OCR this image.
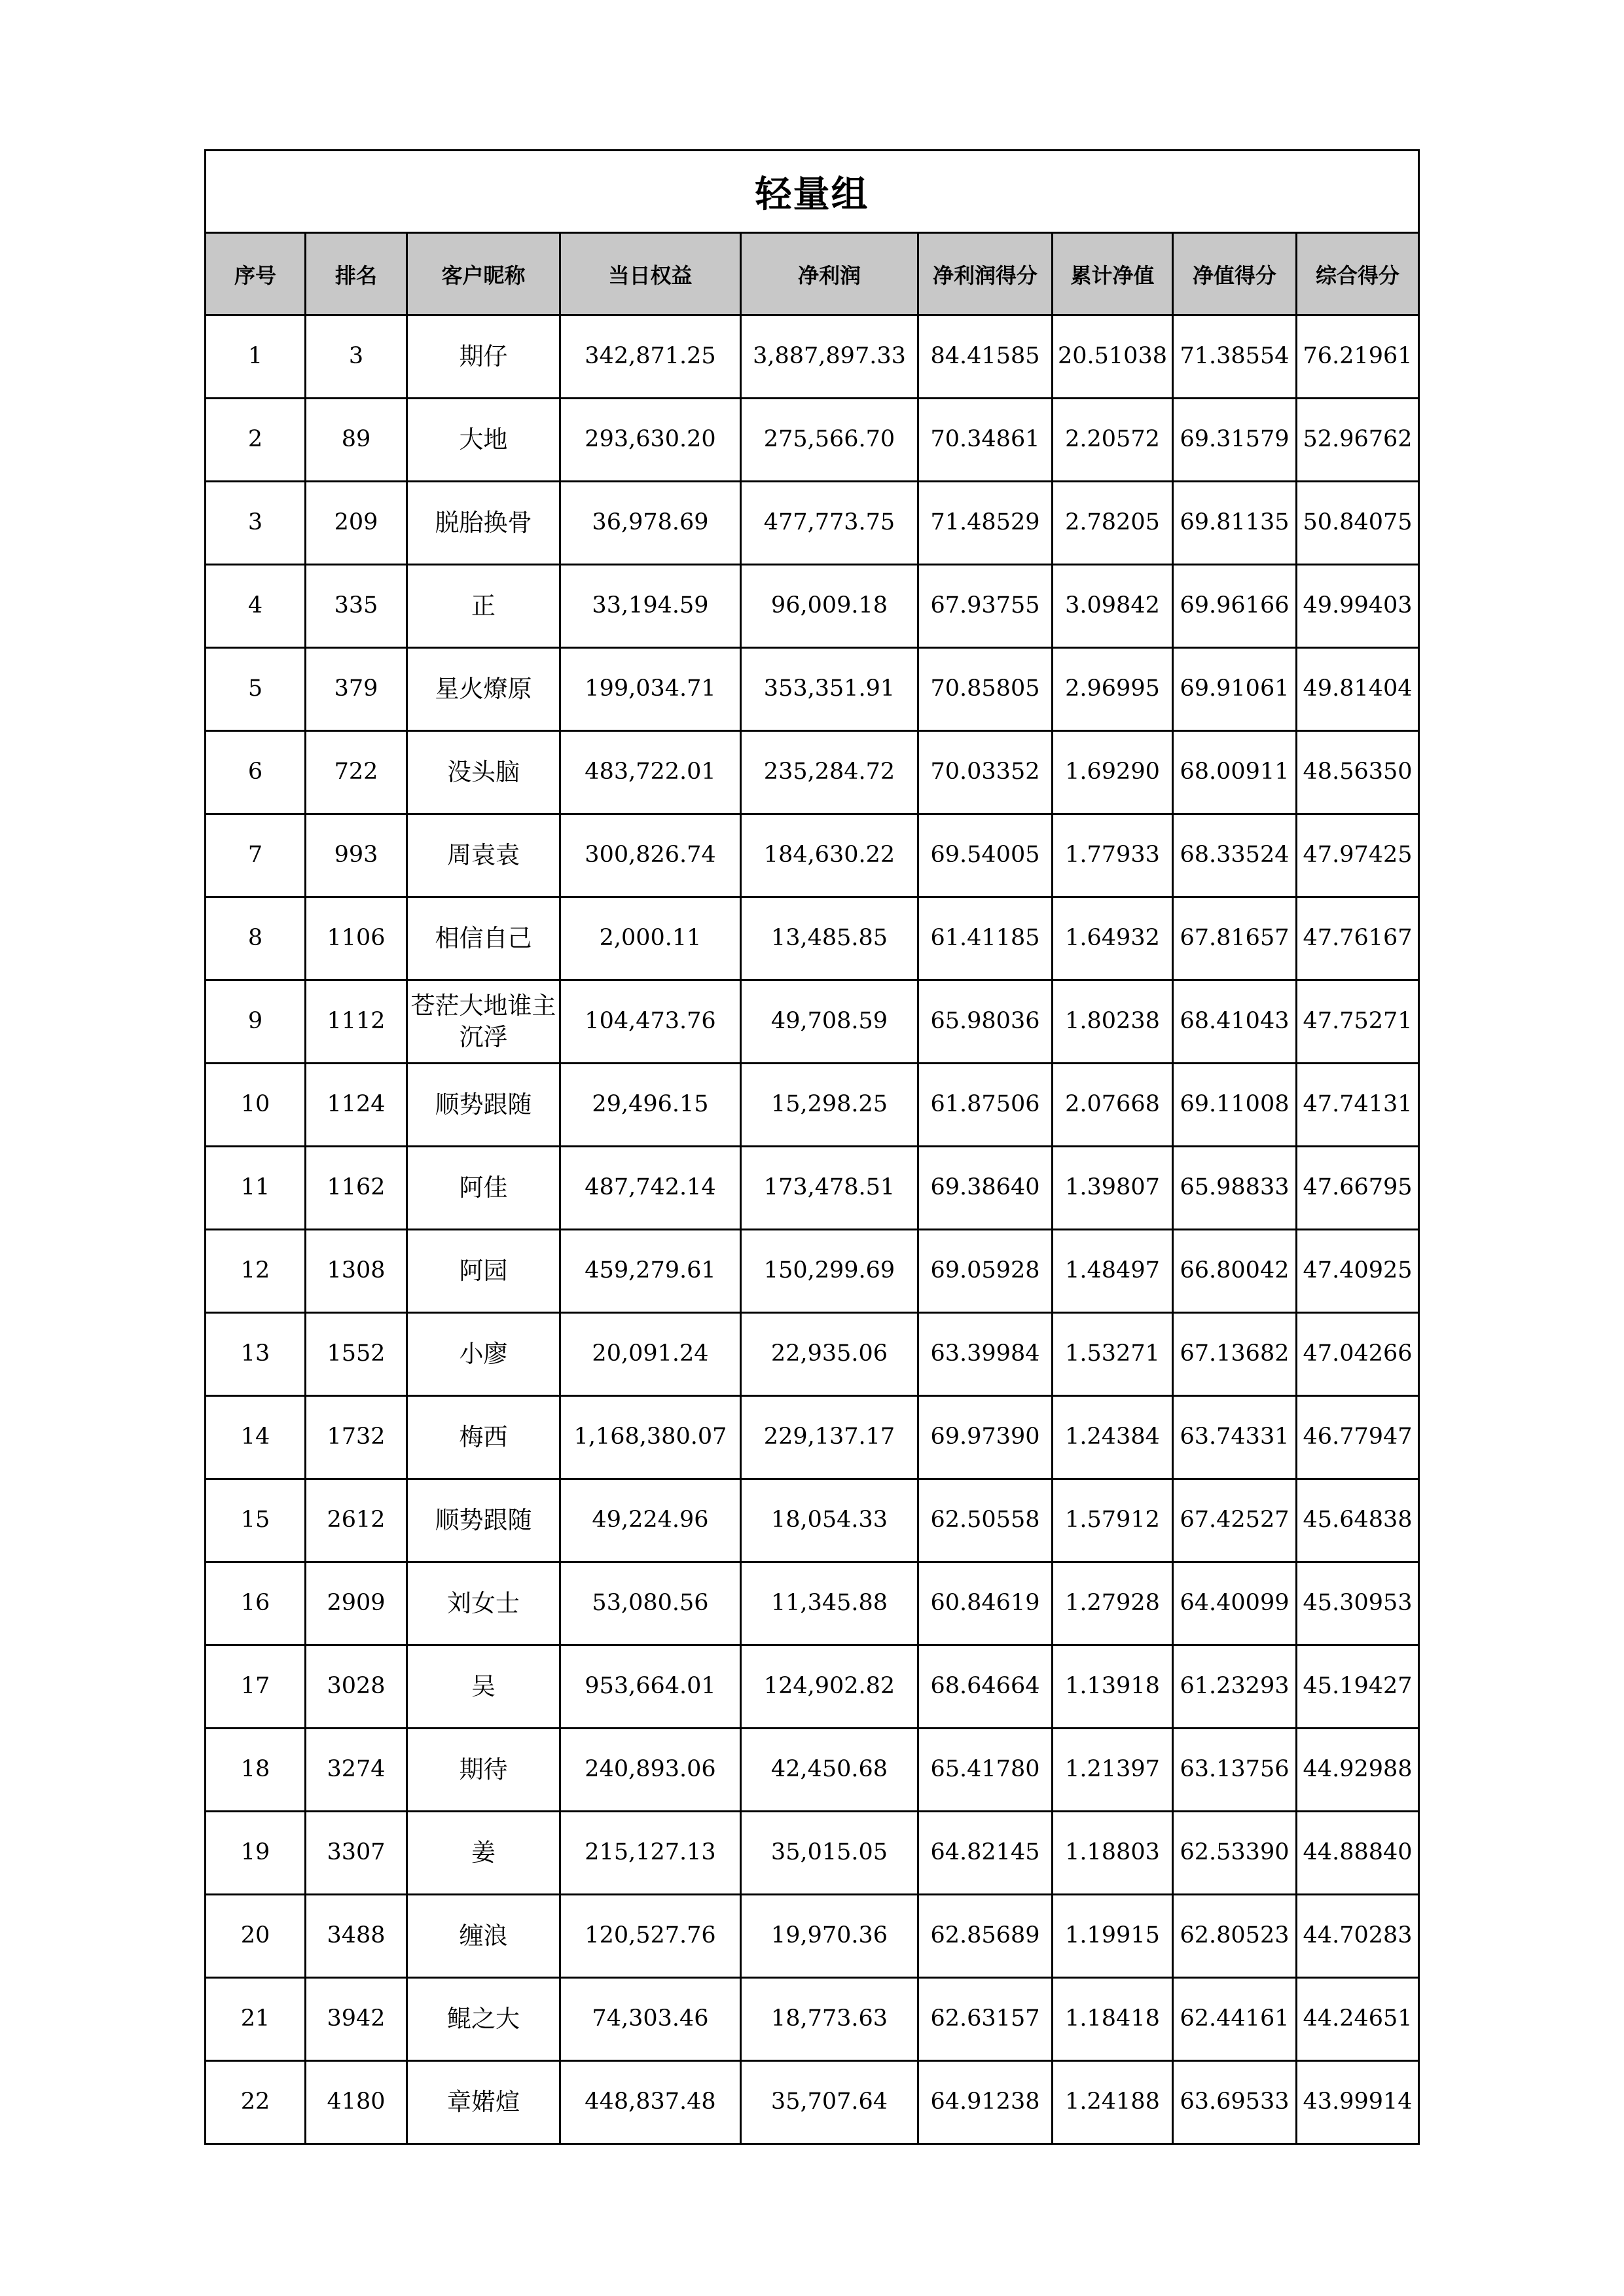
轻量组								
序号	排名	客户昵称	当日权益	净利润	净利润得分	累计净值	净值得分	综合得分
1	3	期仔	342,871.25	3,887,897.33	84.41585	20.51038	71.38554	76.21961
2	89	大地	293,630.20	275,566.70	70.34861	2.20572	69.31579	52.96762
3	209	脱胎换骨	36,978.69	477,773.75	71.48529	2.78205	69.81135	50.84075
4	335	正	33,194.59	96,009.18	67.93755	3.09842	69.96166	49.99403
5	379	星火燎原	199,034.71	353,351.91	70.85805	2.96995	69.91061	49.81404
6	722	没头脑	483,722.01	235,284.72	70.03352	1.69290	68.00911	48.56350
7	993	周袁袁	300,826.74	184,630.22	69.54005	1.77933	68.33524	47.97425
8	1106	相信自己	2,000.11	13,485.85	61.41185	1.64932	67.81657	47.76167
9	1112	苍茫大地谁主沉浮	104,473.76	49,708.59	65.98036	1.80238	68.41043	47.75271
10	1124	顺势跟随	29,496.15	15,298.25	61.87506	2.07668	69.11008	47.74131
11	1162	阿佳	487,742.14	173,478.51	69.38640	1.39807	65.98833	47.66795
12	1308	阿园	459,279.61	150,299.69	69.05928	1.48497	66.80042	47.40925
13	1552	小廖	20,091.24	22,935.06	63.39984	1.53271	67.13682	47.04266
14	1732	梅西	1,168,380.07	229,137.17	69.97390	1.24384	63.74331	46.77947
15	2612	顺势跟随	49,224.96	18,054.33	62.50558	1.57912	67.42527	45.64838
16	2909	刘女士	53,080.56	11,345.88	60.84619	1.27928	64.40099	45.30953
17	3028	吴	953,664.01	124,902.82	68.64664	1.13918	61.23293	45.19427
18	3274	期待	240,893.06	42,450.68	65.41780	1.21397	63.13756	44.92988
19	3307	姜	215,127.13	35,015.05	64.82145	1.18803	62.53390	44.88840
20	3488	缠浪	120,527.76	19,970.36	62.85689	1.19915	62.80523	44.70283
21	3942	鲲之大	74,303.46	18,773.63	62.63157	1.18418	62.44161	44.24651
22	4180	章婼煊	448,837.48	35,707.64	64.91238	1.24188	63.69533	43.99914
